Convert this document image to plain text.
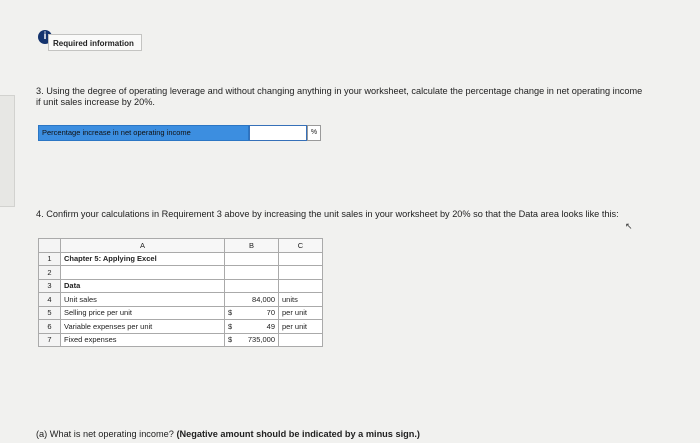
i
Required information
3. Using the degree of operating leverage and without changing anything in your worksheet, calculate the percentage change in net operating income if unit sales increase by 20%.
Percentage increase in net operating income	%
4. Confirm your calculations in Requirement 3 above by increasing the unit sales in your worksheet by 20% so that the Data area looks like this:
↖
	A	B	C
1	Chapter 5: Applying Excel		
2			
3	Data		
4	Unit sales	84,000	units
5	Selling price per unit	$ 70	per unit
6	Variable expenses per unit	$ 49	per unit
7	Fixed expenses	$ 735,000	

(a) What is net operating income? (Negative amount should be indicated by a minus sign.)
